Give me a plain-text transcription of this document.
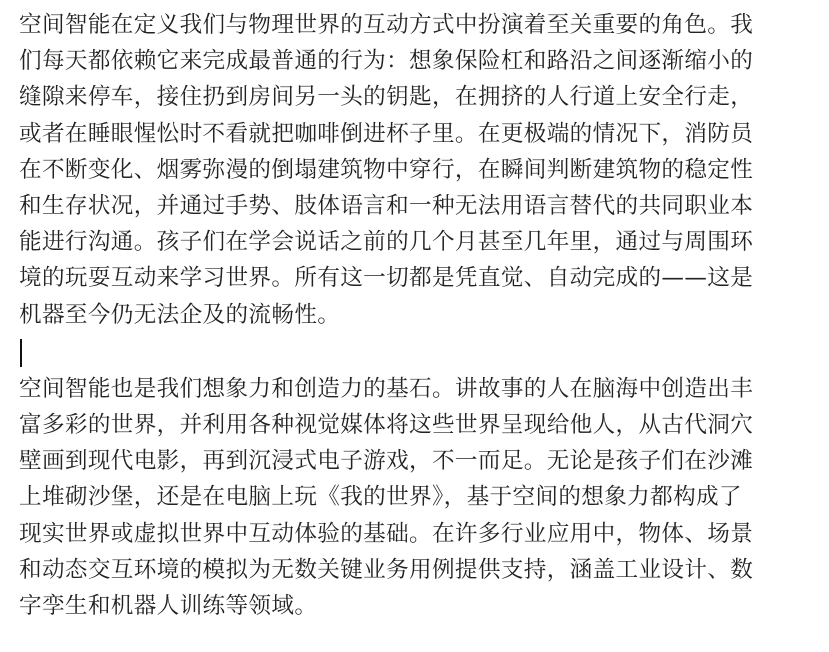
空间智能在定义我们与物理世界的互动方式中扮演着至关重要的角色。我
们每天都依赖它来完成最普通的行为：想象保险杠和路沿之间逐渐缩小的
缝隙来停车，接住扔到房间另一头的钥匙，在拥挤的人行道上安全行走，
或者在睡眼惺忪时不看就把咖啡倒进杯子里。在更极端的情况下，消防员
在不断变化、烟雾弥漫的倒塌建筑物中穿行，在瞬间判断建筑物的稳定性
和生存状况，并通过手势、肢体语言和一种无法用语言替代的共同职业本
能进行沟通。孩子们在学会说话之前的几个月甚至几年里，通过与周围环
境的玩耍互动来学习世界。所有这一切都是凭直觉、自动完成的——这是
机器至今仍无法企及的流畅性。

空间智能也是我们想象力和创造力的基石。讲故事的人在脑海中创造出丰
富多彩的世界，并利用各种视觉媒体将这些世界呈现给他人，从古代洞穴
壁画到现代电影，再到沉浸式电子游戏，不一而足。无论是孩子们在沙滩
上堆砌沙堡，还是在电脑上玩《我的世界》，基于空间的想象力都构成了
现实世界或虚拟世界中互动体验的基础。在许多行业应用中，物体、场景
和动态交互环境的模拟为无数关键业务用例提供支持，涵盖工业设计、数
字孪生和机器人训练等领域。
